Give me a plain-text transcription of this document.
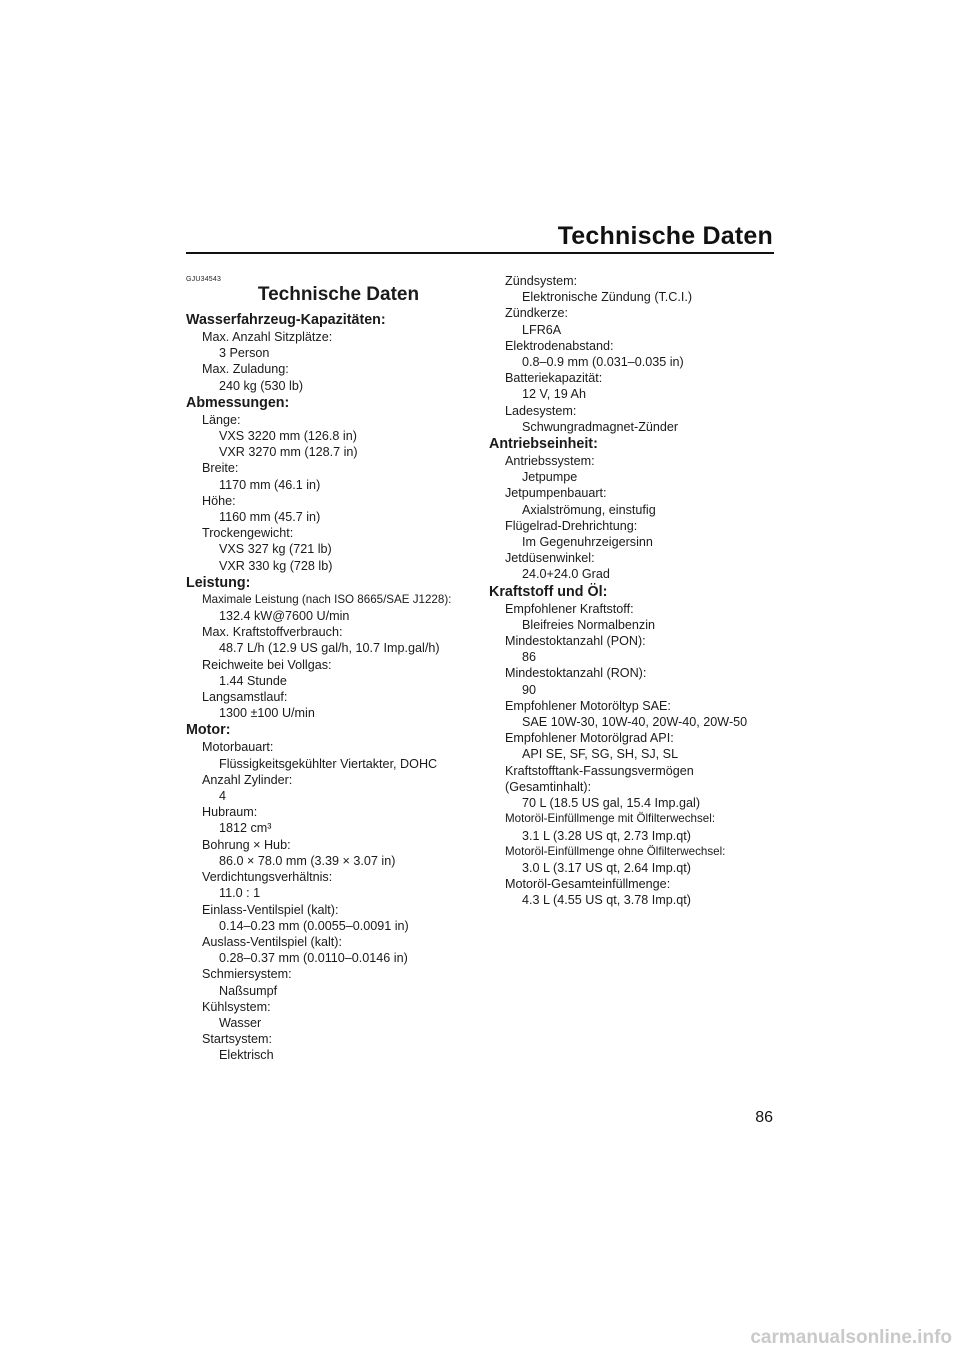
Technische Daten
GJU34543
Technische Daten
Wasserfahrzeug-Kapazitäten:
Max. Anzahl Sitzplätze:
3 Person
Max. Zuladung:
240 kg (530 lb)
Abmessungen:
Länge:
VXS 3220 mm (126.8 in)
VXR 3270 mm (128.7 in)
Breite:
1170 mm (46.1 in)
Höhe:
1160 mm (45.7 in)
Trockengewicht:
VXS 327 kg (721 lb)
VXR 330 kg (728 lb)
Leistung:
Maximale Leistung (nach ISO 8665/SAE J1228):
132.4 kW@7600 U/min
Max. Kraftstoffverbrauch:
48.7 L/h (12.9 US gal/h, 10.7 Imp.gal/h)
Reichweite bei Vollgas:
1.44 Stunde
Langsamstlauf:
1300 ±100 U/min
Motor:
Motorbauart:
Flüssigkeitsgekühlter Viertakter, DOHC
Anzahl Zylinder:
4
Hubraum:
1812 cm³
Bohrung × Hub:
86.0 × 78.0 mm (3.39 × 3.07 in)
Verdichtungsverhältnis:
11.0 : 1
Einlass-Ventilspiel (kalt):
0.14–0.23 mm (0.0055–0.0091 in)
Auslass-Ventilspiel (kalt):
0.28–0.37 mm (0.0110–0.0146 in)
Schmiersystem:
Naßsumpf
Kühlsystem:
Wasser
Startsystem:
Elektrisch
Zündsystem:
Elektronische Zündung (T.C.I.)
Zündkerze:
LFR6A
Elektrodenabstand:
0.8–0.9 mm (0.031–0.035 in)
Batteriekapazität:
12 V, 19 Ah
Ladesystem:
Schwungradmagnet-Zünder
Antriebseinheit:
Antriebssystem:
Jetpumpe
Jetpumpenbauart:
Axialströmung, einstufig
Flügelrad-Drehrichtung:
Im Gegenuhrzeigersinn
Jetdüsenwinkel:
24.0+24.0 Grad
Kraftstoff und Öl:
Empfohlener Kraftstoff:
Bleifreies Normalbenzin
Mindestoktanzahl (PON):
86
Mindestoktanzahl (RON):
90
Empfohlener Motoröltyp SAE:
SAE 10W-30, 10W-40, 20W-40, 20W-50
Empfohlener Motorölgrad API:
API SE, SF, SG, SH, SJ, SL
Kraftstofftank-Fassungsvermögen
(Gesamtinhalt):
70 L (18.5 US gal, 15.4 Imp.gal)
Motoröl-Einfüllmenge mit Ölfilterwechsel:
3.1 L (3.28 US qt, 2.73 Imp.qt)
Motoröl-Einfüllmenge ohne Ölfilterwechsel:
3.0 L (3.17 US qt, 2.64 Imp.qt)
Motoröl-Gesamteinfüllmenge:
4.3 L (4.55 US qt, 3.78 Imp.qt)
86
carmanualsonline.info
